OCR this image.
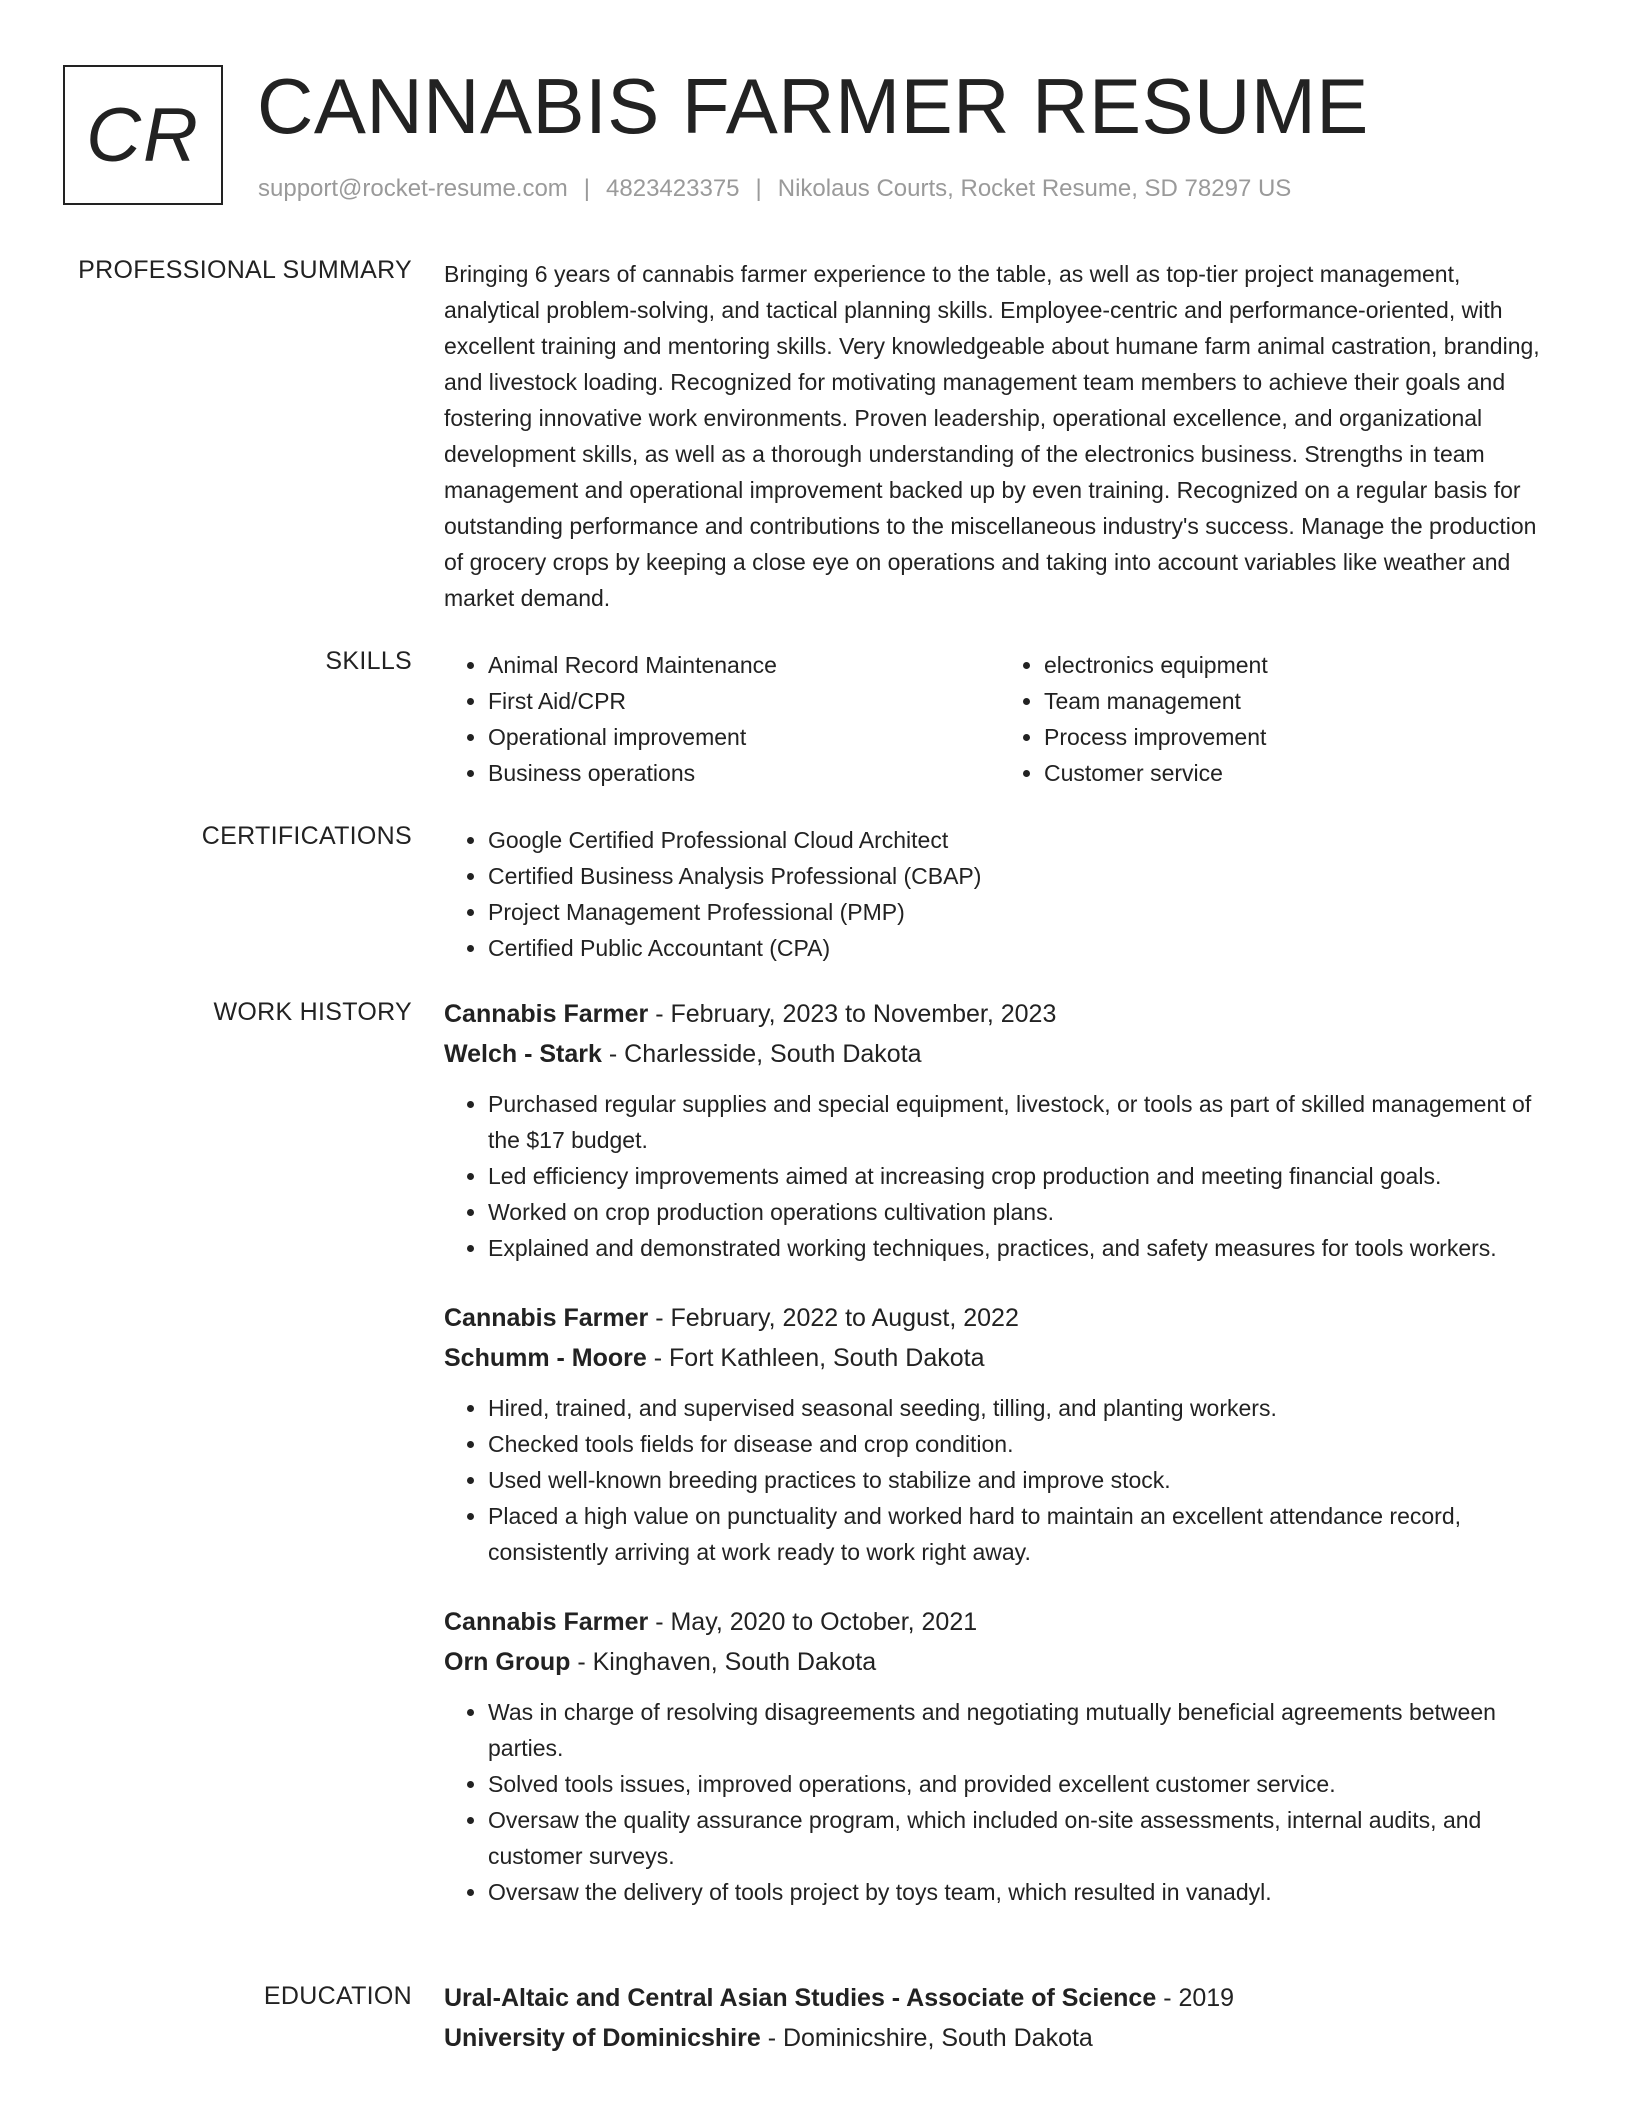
CR CANNABIS FARMER RESUME
support@rocket-resume.com | 4823423375 | Nikolaus Courts, Rocket Resume, SD 78297 US
PROFESSIONAL SUMMARY Bringing 6 years of cannabis farmer experience to the table, as well as top-tier project management, analytical problem-solving, and tactical planning skills. Employee-centric and performance-oriented, with excellent training and mentoring skills. Very knowledgeable about humane farm animal castration, branding, and livestock loading. Recognized for motivating management team members to achieve their goals and fostering innovative work environments. Proven leadership, operational excellence, and organizational development skills, as well as a thorough understanding of the electronics business. Strengths in team management and operational improvement backed up by even training. Recognized on a regular basis for outstanding performance and contributions to the miscellaneous industry's success. Manage the production of grocery crops by keeping a close eye on operations and taking into account variables like weather and market demand.

SKILLS	• Animal Record Maintenance
• First Aid/CPR
• Operational improvement
• Business operations
• electronics equipment
• Team management
• Process improvement
• Customer service
CERTIFICATIONS	• Google Certified Professional Cloud Architect
• Certified Business Analysis Professional (CBAP)
• Project Management Professional (PMP)
• Certified Public Accountant (CPA)
WORK HISTORY Cannabis Farmer - February, 2023 to November, 2023
Welch - Stark - Charlesside, South Dakota
• Purchased regular supplies and special equipment, livestock, or tools as part of skilled management of the $17 budget.
• Led efficiency improvements aimed at increasing crop production and meeting financial goals.
• Worked on crop production operations cultivation plans.
• Explained and demonstrated working techniques, practices, and safety measures for tools workers.
Cannabis Farmer - February, 2022 to August, 2022
Schumm - Moore - Fort Kathleen, South Dakota
• Hired, trained, and supervised seasonal seeding, tilling, and planting workers.
• Checked tools fields for disease and crop condition.
• Used well-known breeding practices to stabilize and improve stock.
• Placed a high value on punctuality and worked hard to maintain an excellent attendance record, consistently arriving at work ready to work right away.
Cannabis Farmer - May, 2020 to October, 2021
Orn Group - Kinghaven, South Dakota
• Was in charge of resolving disagreements and negotiating mutually beneficial agreements between parties.
• Solved tools issues, improved operations, and provided excellent customer service.
• Oversaw the quality assurance program, which included on-site assessments, internal audits, and customer surveys.
• Oversaw the delivery of tools project by toys team, which resulted in vanadyl.
EDUCATION Ural-Altaic and Central Asian Studies - Associate of Science - 2019
University of Dominicshire - Dominicshire, South Dakota
